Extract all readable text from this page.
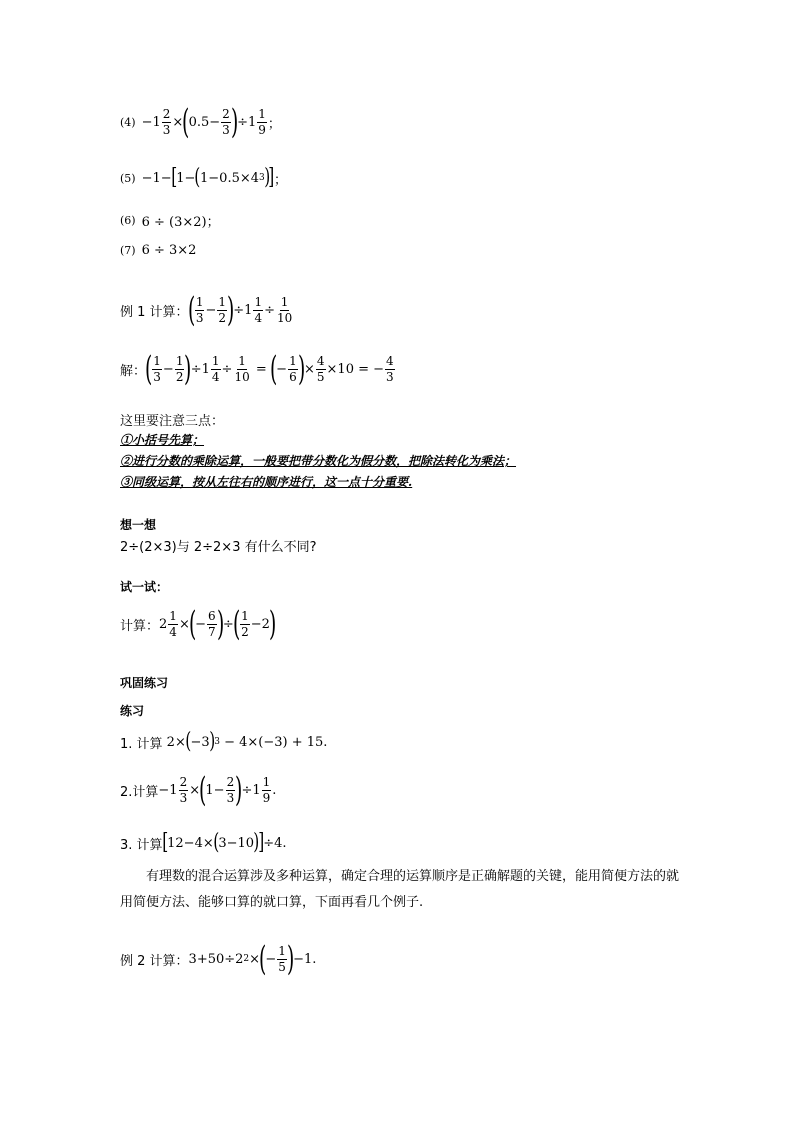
$(4) -1 \frac{2}{3}$ ×
(
$0.5- \frac{2}{3}$ )
$\div 1 \frac{1}{9}$ ；
(5) −1− [ 1− ( 1−0.5×4 3 )
] ；
(6) 6 ÷ (3×2)；
(7) 6 ÷ 3×2
例 1 计算：
( $\frac{1}{3} - \frac{1}{2}$ )
$\div 1 \frac{1}{4} \div \frac{1}{10}$
解：
( $\frac{1}{3} - \frac{1}{2}$ )
$\div 1 \frac{1}{4} \div \frac{1}{10}$ =
(
− $\frac{1}{6}$ )
× $\frac{4}{5} \times 10$ = − $\frac{4}{3}$
这里要注意三点：
①小括号先算；
②进行分数的乘除运算，一般要把带分数化为假分数，把除法转化为乘法；
③同级运算，按从左往右的顺序进行，这一点十分重要.
想一想
2÷(2×3)与 2÷2×3 有什么不同?
试一试：
计算： $2 \frac{1}{4}$ ×
(
− $\frac{6}{7}$ )
÷
( $\frac{1}{2} -2$
)
巩固练习
练习
1. 计算 2× ( −3 ) 3 − 4×(−3) + 15.
2.计算 $-1 \frac{2}{3}$ ×
(
$1- \frac{2}{3}$ )
$\div 1 \frac{1}{9}$ .
3. 计算 [ 12−4× ( 3−10 )
] ÷4.
有理数的混合运算涉及多种运算，确定合理的运算顺序是正确解题的关键，能用简便方法的就用简便方法、能够口算的就口算，下面再看几个例子.
例 2 计算： 3+50÷2 2 ×
(
− $\frac{1}{5}$ )
−1.
